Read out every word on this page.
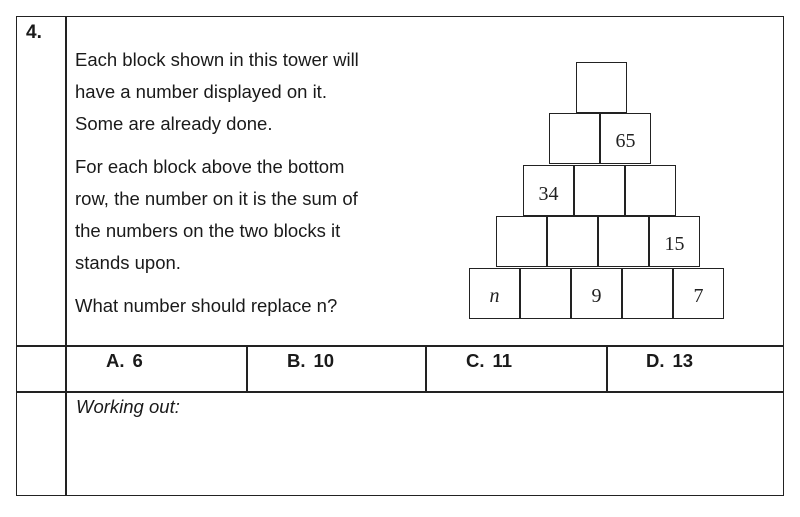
4.

Each block shown in this tower will

have a number displayed on it.

Some are already done.

For each block above the bottom

row, the number on it is the sum of

the numbers on the two blocks it

stands upon.

What number should replace n?

65
34
15
n	9	7
A. 6	B. 10	C. 11	D. 13
Working out:
